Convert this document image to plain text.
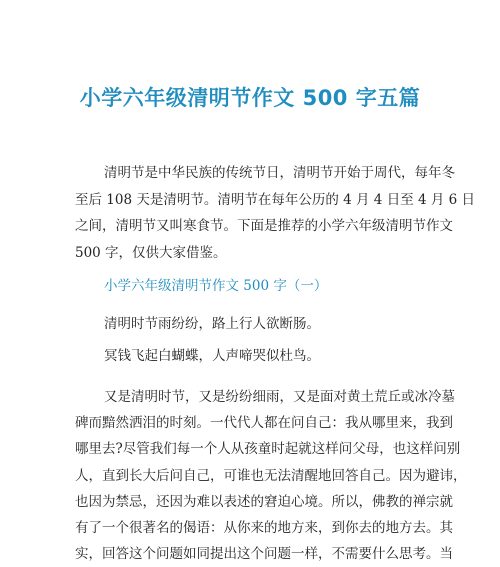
小学六年级清明节作文 500 字五篇
清明节是中华民族的传统节日，清明节开始于周代，每年冬
至后 108 天是清明节。清明节在每年公历的 4 月 4 日至 4 月 6 日
之间，清明节又叫寒食节。下面是推荐的小学六年级清明节作文
500 字，仅供大家借鉴。
小学六年级清明节作文 500 字（一）
清明时节雨纷纷，路上行人欲断肠。
冥钱飞起白蝴蝶，人声啼哭似杜鸟。
又是清明时节，又是纷纷细雨，又是面对黄土荒丘或冰冷墓
碑而黯然洒泪的时刻。一代代人都在问自己：我从哪里来，我到
哪里去?尽管我们每一个人从孩童时起就这样问父母，也这样问别
人，直到长大后问自己，可谁也无法清醒地回答自己。因为避讳，
也因为禁忌，还因为难以表述的窘迫心境。所以，佛教的禅宗就
有了一个很著名的偈语：从你来的地方来，到你去的地方去。其
实，回答这个问题如同提出这个问题一样，不需要什么思考。当
